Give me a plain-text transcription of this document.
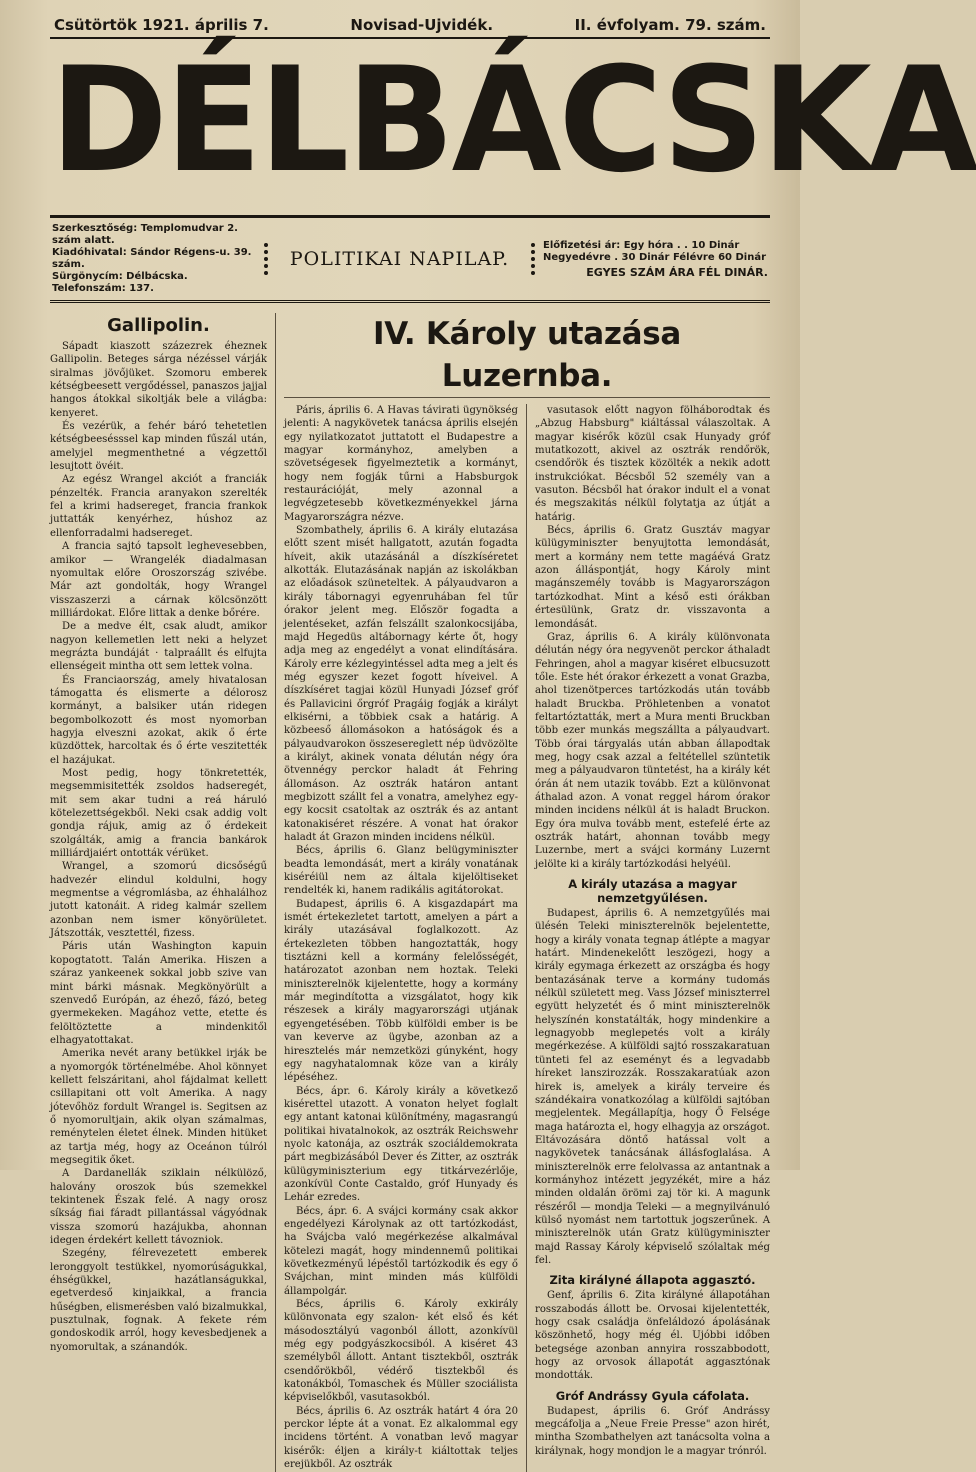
Csütörtök 1921. április 7.	Novisad-Ujvidék.	II. évfolyam. 79. szám.
DÉLBÁCSKA
Szerkesztőség: Templomudvar 2. szám alatt.
Kiadóhivatal: Sándor Régens-u. 39. szám.
Sürgönycím: Délbácska. Telefonszám: 137.
POLITIKAI NAPILAP.
Előfizetési ár: Egy hóra . . 10 Dinár
Negyedévre . 30 Dinár Félévre 60 Dinár
EGYES SZÁM ÁRA FÉL DINÁR.
Gallipolin.

Sápadt kiaszott százezrek éheznek Gallipolin. Beteges sárga nézéssel várják siralmas jövőjüket. Szomoru emberek kétségbeesett vergődéssel, panaszos jajjal hangos átokkal sikoltják bele a világba: kenyeret.

És vezérük, a fehér báró tehetetlen kétségbeesésssel kap minden fűszál után, amelyjel megmenthetné a végzettől lesujtott övéit.

Az egész Wrangel akciót a franciák pénzelték. Francia aranyakon szerelték fel a krimi hadsereget, francia frankok juttatták kenyérhez, húshoz az ellenforradalmi hadsereget.

A francia sajtó tapsolt leghevesebben, amikor — Wrangelék diadalmasan nyomultak előre Oroszország szivébe. Már azt gondolták, hogy Wrangel visszaszerzi a cárnak kölcsönzött milliárdokat. Előre littak a denke bőrére.

De a medve élt, csak aludt, amikor nagyon kellemetlen lett neki a helyzet megrázta bundáját · talpraállt és elfujta ellenségeit mintha ott sem lettek volna.

És Franciaország, amely hivatalosan támogatta és elismerte a délorosz kormányt, a balsiker után ridegen begombolkozott és most nyomorban hagyja elveszni azokat, akik ő érte küzdöttek, harcoltak és ő érte veszitették el hazájukat.

Most pedig, hogy tönkretették, megsemmisitették zsoldos hadseregét, mit sem akar tudni a reá háruló kötelezettségekből. Neki csak addig volt gondja rájuk, amig az ő érdekeit szolgálták, amig a francia bankárok milliárdjaiért ontották vérüket.

Wrangel, a szomorú dicsőségű hadvezér elindul koldulni, hogy megmentse a végromlásba, az éhhalálhoz jutott katonáit. A rideg kalmár szellem azonban nem ismer könyörületet. Játszották, vesztettél, fizess.

Páris után Washington kapuin kopogtatott. Talán Amerika. Hiszen a száraz yankeenek sokkal jobb szive van mint bárki másnak. Megkönyörült a szenvedő Európán, az éhező, fázó, beteg gyermekeken. Magához vette, etette és felöltöztette a mindenkitől elhagyatottakat.

Amerika nevét arany betükkel irják be a nyomorgók történelmébe. Ahol könnyet kellett felszáritani, ahol fájdalmat kellett csillapitani ott volt Amerika. A nagy jótevőhöz fordult Wrangel is. Segitsen az ő nyomorultjain, akik olyan számalmas, reménytelen életet élnek. Minden hitüket az tartja még, hogy az Oceánon túlról megsegitik őket.

A Dardanellák sziklain nélkülöző, halovány oroszok bús szemekkel tekintenek Észak felé. A nagy orosz síkság fiai fáradt pillantással vágyódnak vissza szomorú hazájukba, ahonnan idegen érdekért kellett távozniok.

Szegény, félrevezetett emberek leronggyolt testükkel, nyomorúságukkal, éhségükkel, hazátlanságukkal, egetverdeső kinjaikkal, a francia hűségben, elismerésben való bizalmukkal, pusztulnak, fognak. A fekete rém gondoskodik arról, hogy kevesbedjenek a nyomorultak, a szánandók.

IV. Károly utazása Luzernba.

Páris, április 6. A Havas távirati ügynökség jelenti: A nagykövetek tanácsa április elsején egy nyilatkozatot juttatott el Budapestre a magyar kormányhoz, amelyben a szövetségesek figyelmeztetik a kormányt, hogy nem fogják tűrni a Habsburgok restaurációját, mely azonnal a legvégzetesebb következményekkel járna Magyarországra nézve.

Szombathely, április 6. A király elutazása előtt szent misét hallgatott, azután fogadta híveit, akik utazásánál a díszkíséretet alkották. Elutazásának napján az iskolákban az előadások szüneteltek. A pályaudvaron a király tábornagyi egyenruhában fel tűr órakor jelent meg. Először fogadta a jelentéseket, azfán felszállt szalonkocsijába, majd Hegedüs altábornagy kérte őt, hogy adja meg az engedélyt a vonat elindítására. Károly erre kézlegyintéssel adta meg a jelt és még egyszer kezet fogott híveivel. A díszkíséret tagjai közül Hunyadi József gróf és Pallavicini őrgróf Pragáig fogják a királyt elkisérni, a többiek csak a határig. A közbeeső állomásokon a hatóságok és a pályaudvarokon összesereglett nép üdvözölte a királyt, akinek vonata délután négy óra ötvennégy perckor haladt át Fehring állomáson. Az osztrák határon antant megbizott szállt fel a vonatra, amelyhez egy-egy kocsit csatoltak az osztrák és az antant katonakiséret részére. A vonat hat órakor haladt át Grazon minden incidens nélkül.

Bécs, április 6. Glanz belügyminiszter beadta lemondását, mert a király vonatának kiséréiül nem az általa kijelöltiseket rendelték ki, hanem radikális agitátorokat.

Budapest, április 6. A kisgazdapárt ma ismét értekezletet tartott, amelyen a párt a király utazásával foglalkozott. Az értekezleten többen hangoztatták, hogy tisztázni kell a kormány felelősségét, határozatot azonban nem hoztak. Teleki miniszterelnök kijelentette, hogy a kormány már megindította a vizsgálatot, hogy kik részesek a király magyarországi utjának egyengetésében. Több külföldi ember is be van keverve az ügybe, azonban az a hiresztelés már nemzetközi gúnyként, hogy egy nagyhatalomnak köze van a király lépéséhez.

Bécs, ápr. 6. Károly király a következő kisérettel utazott. A vonaton helyet foglalt egy antant katonai különítmény, magasrangú politikai hivatalnokok, az osztrák Reichswehr nyolc katonája, az osztrák szociáldemokrata párt megbizásából Dever és Zitter, az osztrák külügyminiszterium egy titkárvezérlője, azonkívül Conte Castaldo, gróf Hunyady és Lehár ezredes.

Bécs, ápr. 6. A svájci kormány csak akkor engedélyezi Károlynak az ott tartózkodást, ha Svájcba való megérkezése alkalmával kötelezi magát, hogy mindennemű politikai következményű lépéstől tartózkodik és egy ő Svájchan, mint minden más külföldi állampolgár.

Bécs, április 6. Károly exkirály különvonata egy szalon- két első és két másodosztályú vagonból állott, azonkívül még egy podgyászkocsiból. A kiséret 43 személyből állott. Antant tisztekből, osztrák csendőrökből, védérő tisztekből és katonákból, Tomaschek és Müller szociálista képviselőkből, vasutasokból.

Bécs, április 6. Az osztrák határt 4 óra 20 perckor lépte át a vonat. Ez alkalommal egy incidens történt. A vonatban levő magyar kisérők: éljen a király-t kiáltottak teljes erejükből. Az osztrák

vasutasok előtt nagyon fölháborodtak és „Abzug Habsburg" kiáltással válaszoltak. A magyar kisérők közül csak Hunyady gróf mutatkozott, akivel az osztrák rendőrök, csendőrök és tisztek közölték a nekik adott instrukciókat. Bécsből 52 személy van a vasuton. Bécsből hat órakor indult el a vonat és megszakitás nélkül folytatja az útját a határig.

Bécs, április 6. Gratz Gusztáv magyar külügyminiszter benyujtotta lemondását, mert a kormány nem tette magáévá Gratz azon álláspontját, hogy Károly mint magánszemély tovább is Magyarországon tartózkodhat. Mint a késő esti órákban értesülünk, Gratz dr. visszavonta a lemondását.

Graz, április 6. A király különvonata délután négy óra negyvenöt perckor áthaladt Fehringen, ahol a magyar kiséret elbucsuzott tőle. Este hét órakor érkezett a vonat Grazba, ahol tizenötperces tartózkodás után tovább haladt Bruckba. Pröhletenben a vonatot feltartóztatták, mert a Mura menti Bruckban több ezer munkás megszállta a pályaudvart. Több órai tárgyalás után abban állapodtak meg, hogy csak azzal a feltétellel szüntetik meg a pályaudvaron tüntetést, ha a király két órán át nem utazik tovább. Ezt a különvonat áthalad azon. A vonat reggel három órakor minden incidens nélkül át is haladt Bruckon. Egy óra mulva tovább ment, estefelé érte az osztrák határt, ahonnan tovább megy Luzernbe, mert a svájci kormány Luzernt jelölte ki a király tartózkodási helyéül.

A király utazása a magyar nemzetgyűlésen.

Budapest, április 6. A nemzetgyűlés mai ülésén Teleki miniszterelnök bejelentette, hogy a király vonata tegnap átlépte a magyar határt. Mindenekelőtt leszögezi, hogy a király egymaga érkezett az országba és hogy bentazásának terve a kormány tudomás nélkül született meg. Vass József miniszterrel együtt helyzetét és ő mint miniszterelnök helyszínén konstatálták, hogy mindenkire a legnagyobb meglepetés volt a király megérkezése. A külföldi sajtó rosszakaratuan tünteti fel az eseményt és a legvadabb híreket lanszirozzák. Rosszakaratúak azon hirek is, amelyek a király terveire és szándékaira vonatkozólag a külföldi sajtóban megjelentek. Megállapítja, hogy Ő Felsége maga határozta el, hogy elhagyja az országot. Eltávozására döntő hatással volt a nagykövetek tanácsának állásfoglalása. A miniszterelnök erre felolvassa az antantnak a kormányhoz intézett jegyzékét, mire a ház minden oldalán örömi zaj tör ki. A magunk részéről — mondja Teleki — a megnyilvánuló külső nyomást nem tartottuk jogszerűnek. A miniszterelnök után Gratz külügyminiszter majd Rassay Károly képviselő szólaltak még fel.

Zita királyné állapota aggasztó.

Genf, április 6. Zita királyné állapotáhan rosszabodás állott be. Orvosai kijelentették, hogy csak családja önfeláldozó ápolásának köszönhető, hogy még él. Ujóbbi időben betegsége azonban annyira rosszabbodott, hogy az orvosok állapotát aggasztónak mondották.

Gróf Andrássy Gyula cáfolata.

Budapest, április 6. Gróf Andrássy megcáfolja a „Neue Freie Presse" azon hirét, mintha Szombathelyen azt tanácsolta volna a királynak, hogy mondjon le a magyar trónról.
